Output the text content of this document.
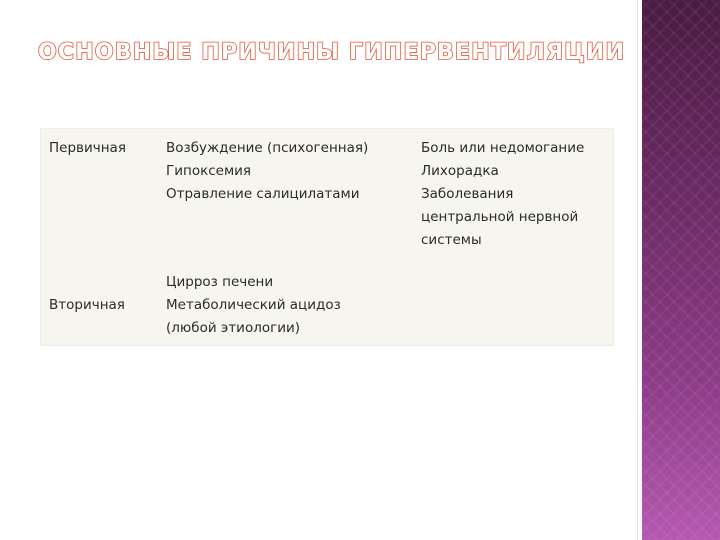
ОСНОВНЫЕ ПРИЧИНЫ ГИПЕРВЕНТИЛЯЦИИ
Первичная	Возбуждение (психогенная)
Гипоксемия
Отравление салицилатами
Боль или недомогание
Лихорадка
Заболевания
центральной нервной
системы
Вторичная
Цирроз печени
Метаболический ацидоз
(любой этиологии)
